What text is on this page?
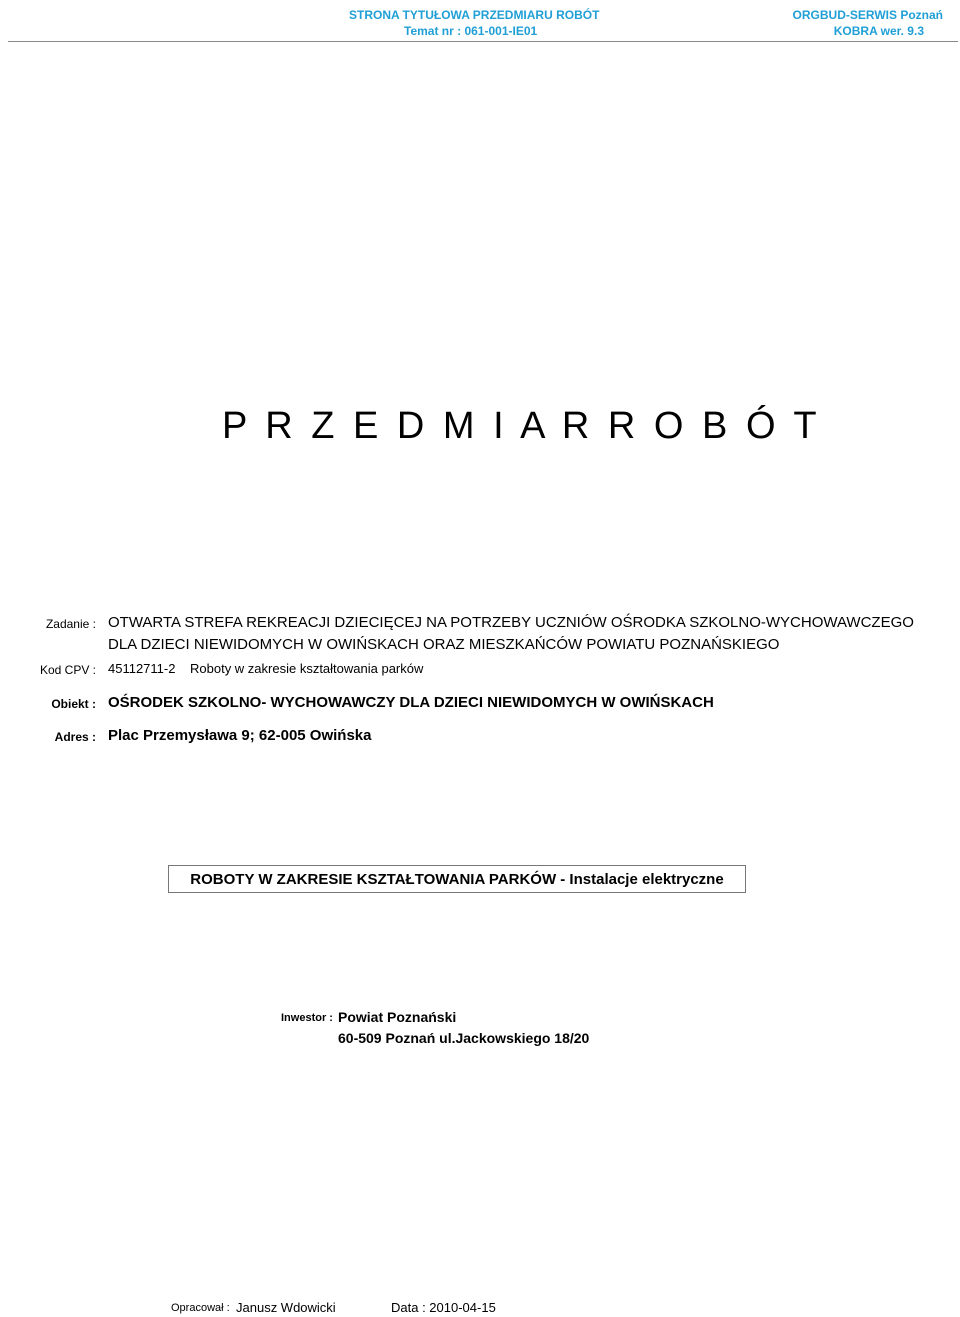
STRONA TYTUŁOWA PRZEDMIARU ROBÓT
Temat nr : 061-001-IE01
ORGBUD-SERWIS Poznań
KOBRA wer. 9.3
P R Z E D M I A R R O B Ó T
Zadanie : OTWARTA STREFA REKREACJI DZIECIĘCEJ NA POTRZEBY UCZNIÓW OŚRODKA SZKOLNO-WYCHOWAWCZEGO
DLA DZIECI NIEWIDOMYCH W OWIŃSKACH ORAZ MIESZKAŃCÓW POWIATU POZNAŃSKIEGO
Kod CPV : 45112711-2 Roboty w zakresie kształtowania parków
Obiekt : OŚRODEK SZKOLNO- WYCHOWAWCZY DLA DZIECI NIEWIDOMYCH W OWIŃSKACH
Adres : Plac Przemysława 9; 62-005 Owińska
ROBOTY W ZAKRESIE KSZTAŁTOWANIA PARKÓW - Instalacje elektryczne
Inwestor : Powiat Poznański
60-509 Poznań ul.Jackowskiego 18/20
Opracował : Janusz Wdowicki	Data : 2010-04-15
